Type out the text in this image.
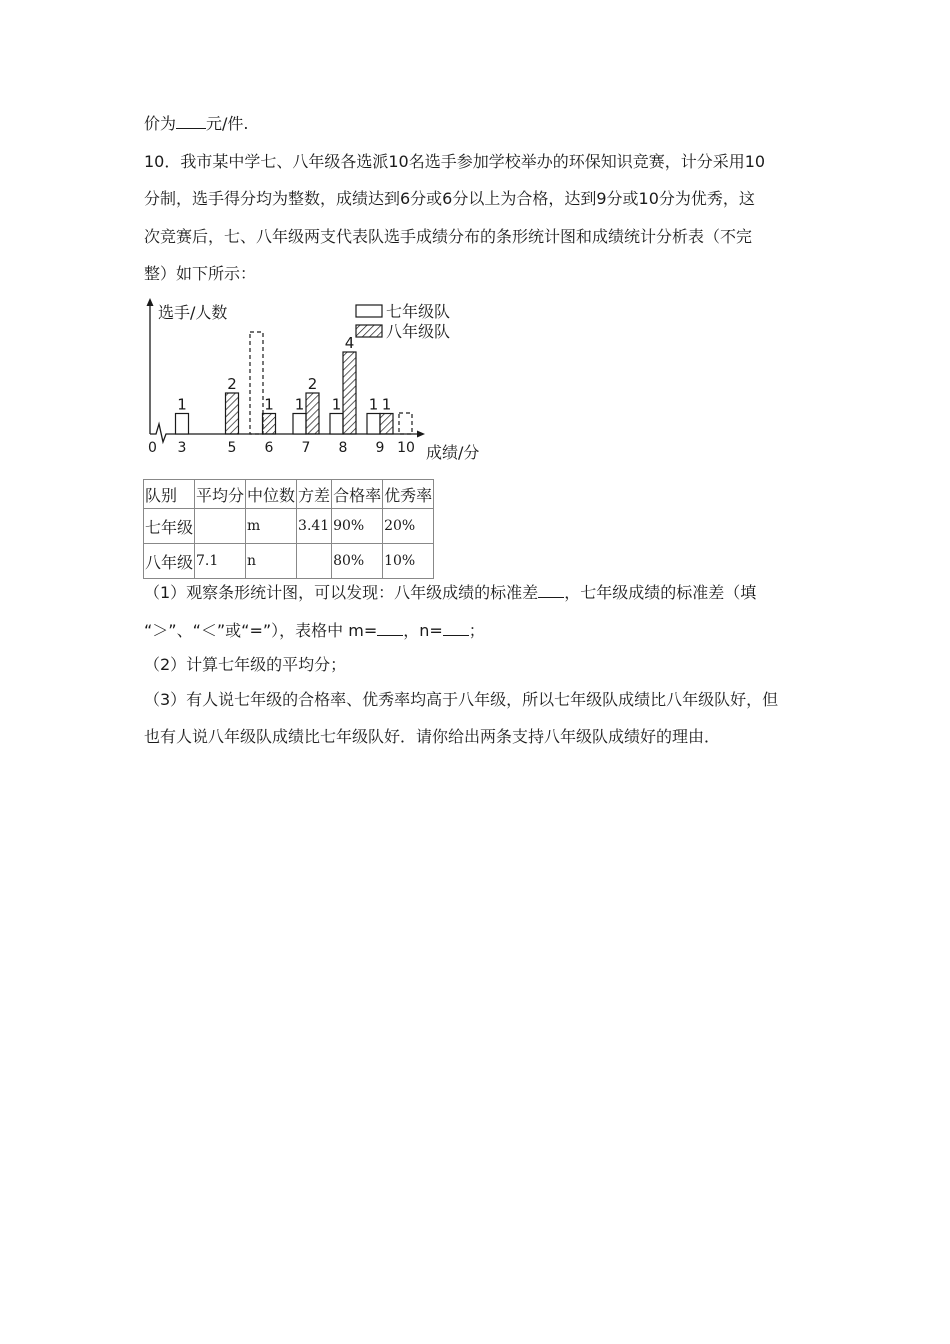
价为 元/件.
10．我市某中学七、八年级各选派10名选手参加学校举办的环保知识竞赛，计分采用10
分制，选手得分均为整数，成绩达到6分或6分以上为合格，达到9分或10分为优秀，这
次竞赛后，七、八年级两支代表队选手成绩分布的条形统计图和成绩统计分析表（不完
整）如下所示：
选手/人数
成绩/分
0
七年级队
八年级队
3	5 6 7 8 9 10
1
2
1 1
2
1
4
1 1
队别	平均分	中位数	方差	合格率	优秀率
七年级		m	3.41	90%	20%
八年级	7.1	n		80%	10%
（1）观察条形统计图，可以发现：八年级成绩的标准差 ，七年级成绩的标准差（填
“＞”、“＜”或“=”），表格中 m= ，n= ；
（2）计算七年级的平均分；
（3）有人说七年级的合格率、优秀率均高于八年级，所以七年级队成绩比八年级队好，但
也有人说八年级队成绩比七年级队好．请你给出两条支持八年级队成绩好的理由．
